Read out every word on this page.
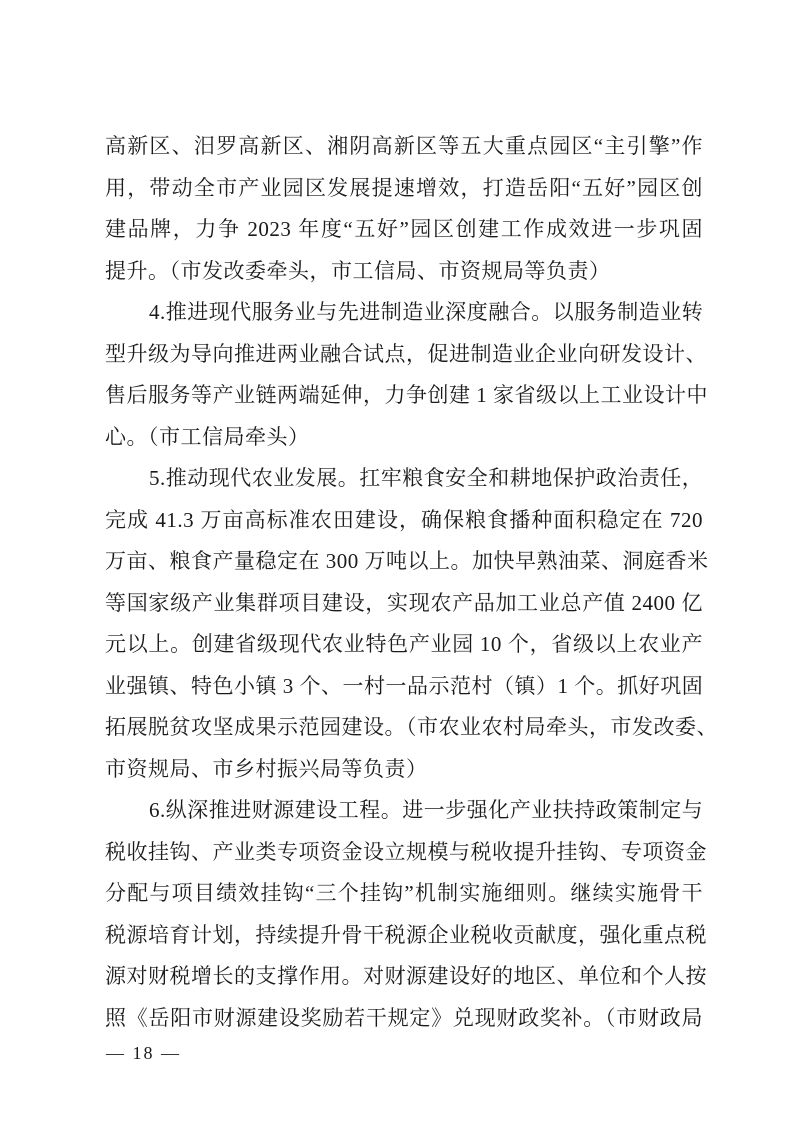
高新区、汨罗高新区、湘阴高新区等五大重点园区“主引擎”作
用，带动全市产业园区发展提速增效，打造岳阳“五好”园区创
建品牌，力争 2023 年度“五好”园区创建工作成效进一步巩固
提升。（市发改委牵头，市工信局、市资规局等负责）
4.推进现代服务业与先进制造业深度融合。以服务制造业转
型升级为导向推进两业融合试点，促进制造业企业向研发设计、
售后服务等产业链两端延伸，力争创建 1 家省级以上工业设计中
心。（市工信局牵头）
5.推动现代农业发展。扛牢粮食安全和耕地保护政治责任，
完成 41.3 万亩高标准农田建设，确保粮食播种面积稳定在 720
万亩、粮食产量稳定在 300 万吨以上。加快早熟油菜、洞庭香米
等国家级产业集群项目建设，实现农产品加工业总产值 2400 亿
元以上。创建省级现代农业特色产业园 10 个，省级以上农业产
业强镇、特色小镇 3 个、一村一品示范村（镇）1 个。抓好巩固
拓展脱贫攻坚成果示范园建设。（市农业农村局牵头，市发改委、
市资规局、市乡村振兴局等负责）
6.纵深推进财源建设工程。进一步强化产业扶持政策制定与
税收挂钩、产业类专项资金设立规模与税收提升挂钩、专项资金
分配与项目绩效挂钩“三个挂钩”机制实施细则。继续实施骨干
税源培育计划，持续提升骨干税源企业税收贡献度，强化重点税
源对财税增长的支撑作用。对财源建设好的地区、单位和个人按
照《岳阳市财源建设奖励若干规定》兑现财政奖补。（市财政局
— 18 —
